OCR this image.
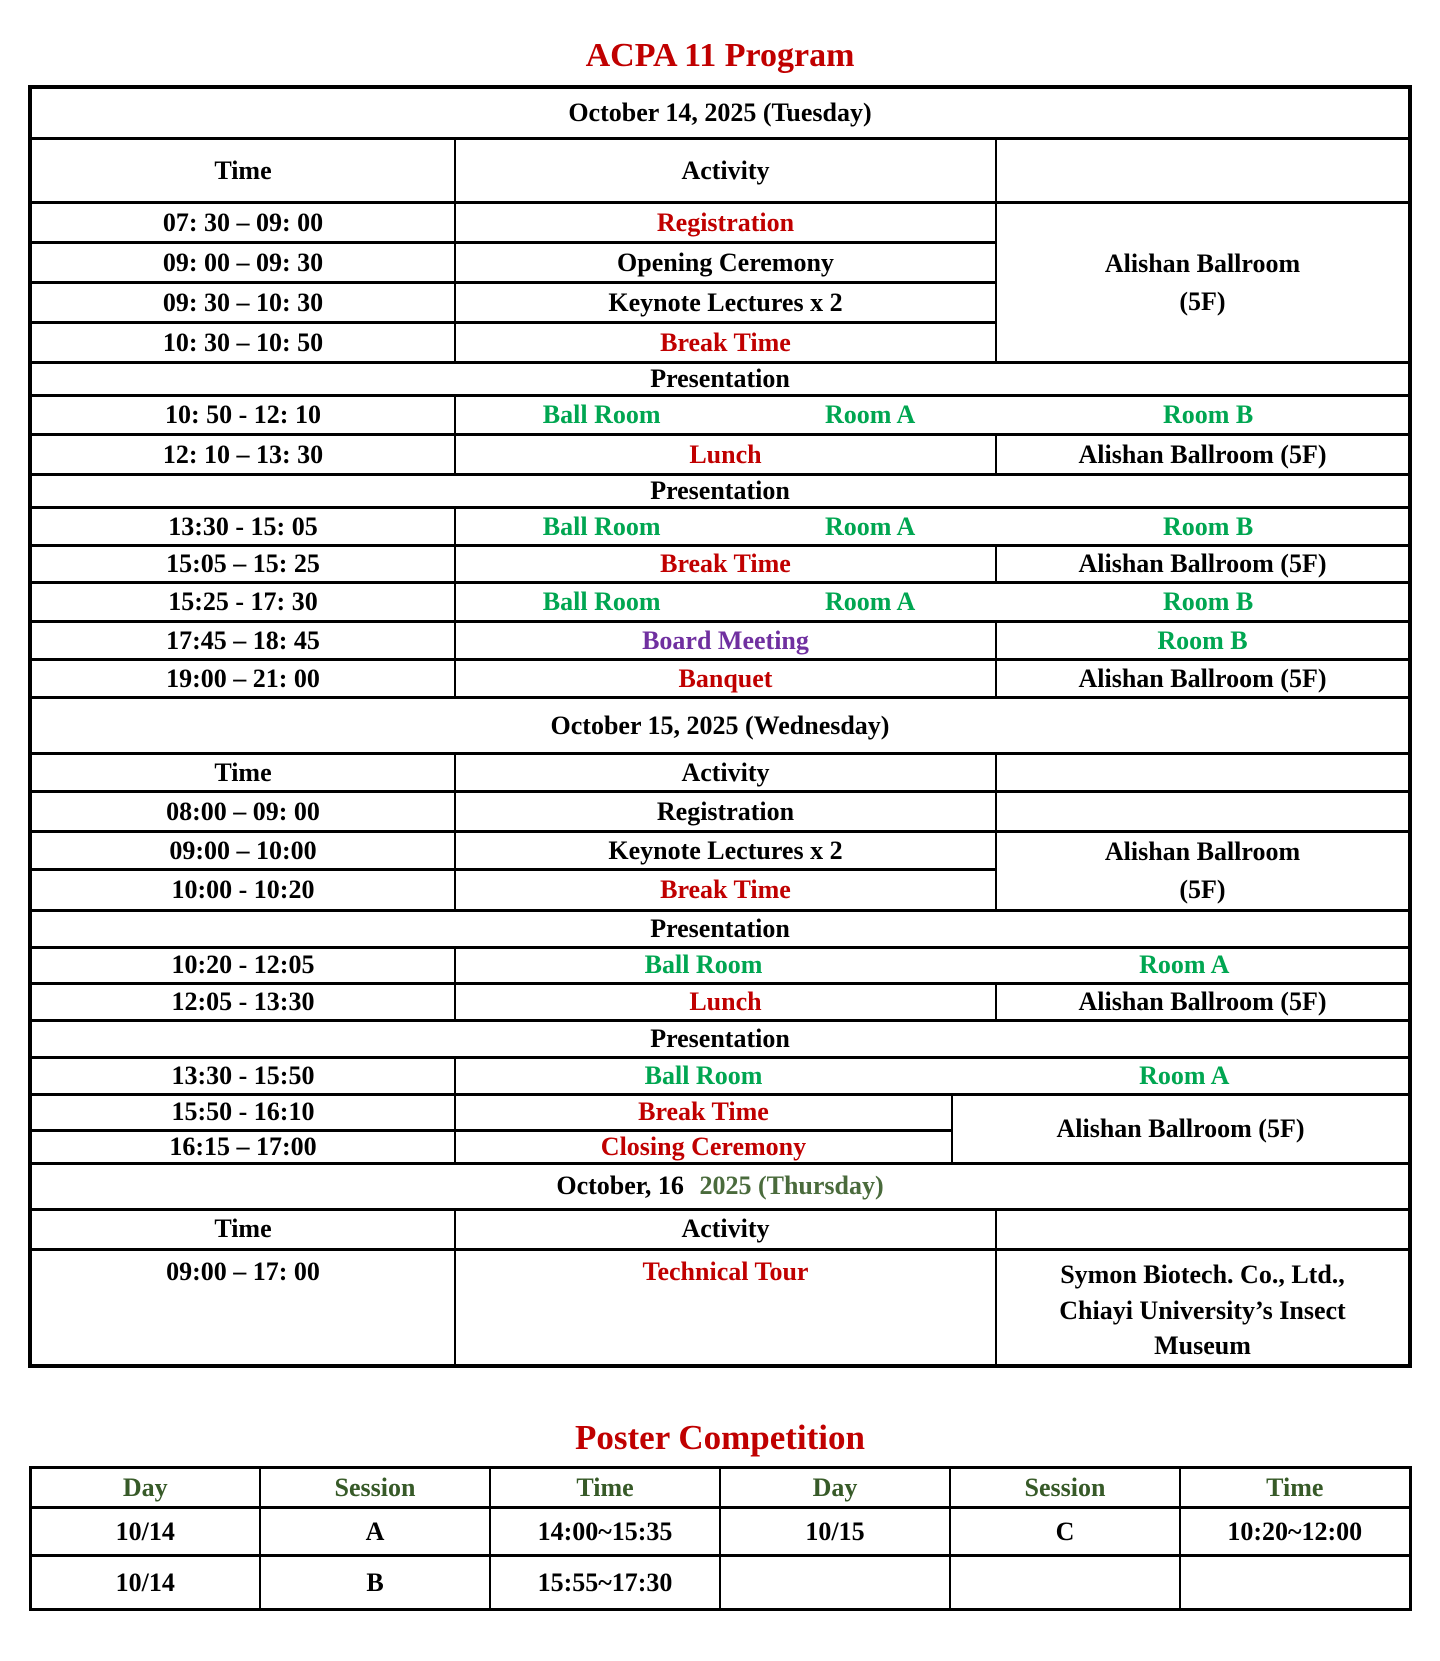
ACPA 11 Program
October 14, 2025 (Tuesday)			
Time	Activity		
07: 30 – 09: 00	Registration		Alishan Ballroom
(5F)

09: 00 – 09: 30	Opening Ceremony		
09: 30 – 10: 30	Keynote Lectures x 2		
10: 30 – 10: 50	Break Time		
Presentation			
10: 50 - 12: 10	Ball Room Room A Room B		

12: 10 – 13: 30	Lunch		Alishan Ballroom (5F)
Presentation			
13:30 - 15: 05	Ball Room Room A Room B		

15:05 – 15: 25	Break Time		Alishan Ballroom (5F)
15:25 - 17: 30	Ball Room Room A Room B		

17:45 – 18: 45	Board Meeting		Room B
19:00 – 21: 00	Banquet		Alishan Ballroom (5F)
October 15, 2025 (Wednesday)			
Time	Activity		
08:00 – 09: 00	Registration		
09:00 – 10:00	Keynote Lectures x 2		Alishan Ballroom
(5F)

10:00 - 10:20	Break Time		
Presentation			
10:20 - 12:05	Ball Room Room A		

12:05 - 13:30	Lunch		Alishan Ballroom (5F)
Presentation			
13:30 - 15:50	Ball Room Room A		

15:50 - 16:10	Break Time	Alishan Ballroom (5F)	
16:15 – 17:00	Closing Ceremony		
October, 16 2025 (Thursday)			
Time	Activity		
09:00 – 17: 00	Technical Tour		Symon Biotech. Co., Ltd.,
Chiayi University’s Insect
Museum
Poster Competition
Day	Session	Time	Day	Session	Time
10/14	A	14:00~15:35	10/15	C	10:20~12:00
10/14	B	15:55~17:30			
